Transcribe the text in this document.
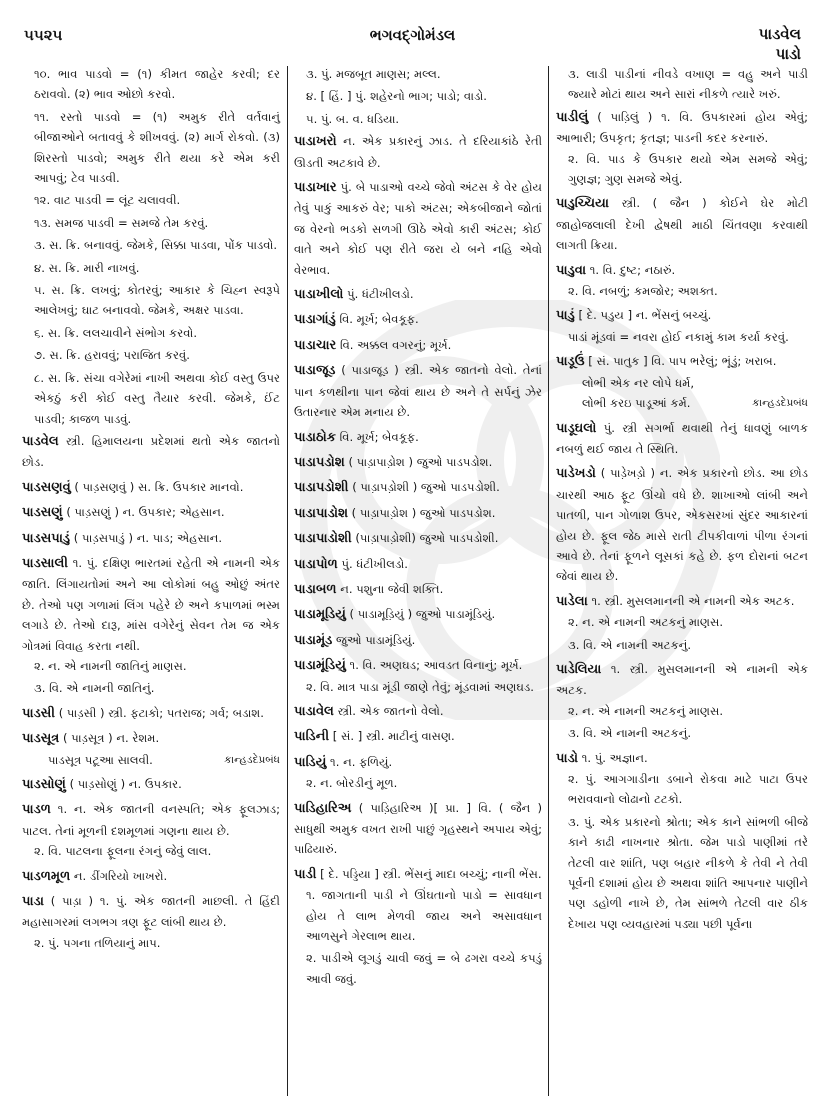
૫૫૨૫	ભગવદ્ગોમંડલ	પાડવેલ
પાડો
૧૦. ભાવ પાડવો = (૧) કીમત જાહેર કરવી; દર ઠરાવવો. (૨) ભાવ ઓછો કરવો.
૧૧. રસ્તો પાડવો = (૧) અમુક રીતે વર્તવાનું બીજાઓને બતાવવું કે શીખવવું. (૨) માર્ગ રોકવો. (૩) શિરસ્તો પાડવો; અમુક રીતે થયા કરે એમ કરી આપવું; ટેવ પાડવી.
૧૨. વાટ પાડવી = લૂંટ ચલાવવી.
૧૩. સમજ પાડવી = સમજે તેમ કરવું.
૩. સ. ક્રિ. બનાવવું. જેમકે, સિક્કા પાડવા, પોંક પાડવો.
૪. સ. ક્રિ. મારી નાખવું.
૫. સ. ક્રિ. લખવું; કોતરવું; આકાર કે ચિહ્ન સ્વરૂપે આલેખવું; ઘાટ બનાવવો. જેમકે, અક્ષર પાડવા.
૬. સ. ક્રિ. લલચાવીને સંભોગ કરવો.
૭. સ. ક્રિ. હરાવવું; પરાજિત કરવું.
૮. સ. ક્રિ. સંચા વગેરેમાં નાખી અથવા કોઈ વસ્તુ ઉપર એકઠું કરી કોઈ વસ્તુ તૈયાર કરવી. જેમકે, ઈંટ પાડવી; કાજળ પાડવું.
પાડવેલ સ્ત્રી. હિમાલયના પ્રદેશમાં થતો એક જાતનો છોડ.
પાડસણવું ( પાડ઼સણવું ) સ. ક્રિ. ઉપકાર માનવો.
પાડસણું ( પાડ઼સણું ) ન. ઉપકાર; એહસાન.
પાડસપાડું ( પાડ઼સપાડું ) ન. પાડ; એહસાન.
પાડસાલી ૧. પું. દક્ષિણ ભારતમાં રહેતી એ નામની એક જાતિ. લિંગાયતોમાં અને આ લોકોમાં બહુ ઓછું અંતર છે. તેઓ પણ ગળામાં લિંગ પહેરે છે અને કપાળમાં ભસ્મ લગાડે છે. તેઓ દારૂ, માંસ વગેરેનું સેવન તેમ જ એક ગોત્રમાં વિવાહ કરતા નથી.
૨. ન. એ નામની જાતિનું માણસ.
૩. વિ. એ નામની જાતિનું.
પાડસી ( પાડ઼સી ) સ્ત્રી. ફટાકો; પતરાજ; ગર્વ; બડાશ.
પાડસૂત્ર ( પાડ઼સૂત્ર ) ન. રેશમ.
પાડસૂત્ર પટૂઆ સાલવી.	કાન્હડદેપ્રબંધ
પાડસોણું ( પાડ઼સોણું ) ન. ઉપકાર.
પાડળ ૧. ન. એક જાતની વનસ્પતિ; એક ફૂલઝાડ; પાટલ. તેનાં મૂળની દશમૂળમાં ગણના થાય છે.
૨. વિ. પાટલના ફૂલના રંગનું જેવું લાલ.
પાડળમૂળ ન. ડીંગરિયો ખાખરો.
પાડા ( પાડ઼ા ) ૧. પું. એક જાતની માછલી. તે હિંદી મહાસાગરમાં લગભગ ત્રણ ફૂટ લાંબી થાય છે.
૨. પું. પગના તળિયાનું માપ.
૩. પું. મજબૂત માણસ; મલ્લ.
૪. [ હિં. ] પું. શહેરનો ભાગ; પાડો; વાડો.
૫. પું. બ. વ. ધડિયા.
પાડાખરો ન. એક પ્રકારનું ઝાડ. તે દરિયાકાંઠે રેતી ઊડતી અટકાવે છે.
પાડાખાર પું. બે પાડાઓ વચ્ચે જેવો અંટસ કે વેર હોય તેવું પાકું આકરું વેર; પાકો અંટસ; એકબીજાને જોતાં જ વેરનો ભડકો સળગી ઊઠે એવો કારી અંટસ; કોઈ વાતે અને કોઈ પણ રીતે જરા યે બને નહિ એવો વેરભાવ.
પાડાખીલો પું. ધંટીખીલડો.
પાડાગાંડું વિ. મૂર્ખ; બેવકૂફ.
પાડાચાર વિ. અક્કલ વગરનું; મૂર્ખ.
પાડાજૂડ ( પાડાજૂડ઼ ) સ્ત્રી. એક જાતનો વેલો. તેનાં પાન કળથીના પાન જેવાં થાય છે અને તે સર્પનું ઝેર ઉતારનાર એમ મનાય છે.
પાડાઠોક વિ. મૂર્ખ; બેવકૂફ.
પાડાપડોશ ( પાડ઼ાપાડ઼ોશ ) જુઓ પાડપડોશ.
પાડાપડોશી ( પાડ઼ાપડ઼ોશી ) જુઓ પાડપડોશી.
પાડાપાડોશ ( પાડ઼ાપાડ઼ોશ ) જુઓ પાડપડોશ.
પાડાપાડોશી (પાડ઼ાપાડ઼ોશી) જુઓ પાડપડોશી.
પાડાપોળ પું. ધંટીખીલડો.
પાડાબળ ન. પશુના જેવી શક્તિ.
પાડામૂડિયું ( પાડામૂડ઼િયું ) જુઓ પાડામૂંડિયું.
પાડામૂંડ જુઓ પાડામૂંડિયું.
પાડામૂંડિયું ૧. વિ. અણઘડ; આવડત વિનાનું; મૂર્ખ.
૨. વિ. માત્ર પાડા મૂંડી જાણે તેવું; મૂંડવામાં અણઘડ.
પાડાવેલ સ્ત્રી. એક જાતનો વેલો.
પાડિની [ સં. ] સ્ત્રી. માટીનું વાસણ.
પાડિયું ૧. ન. ફળિયું.
૨. ન. બોરડીનું મૂળ.
પાડિહારિઅ ( પાડ઼િહારિઅ )[ પ્રા. ] વિ. ( જૈન ) સાધુથી અમુક વખત રાખી પાછું ગૃહસ્થને અપાય એવું; પાઢિયારું.
પાડી [ દે. પડ્ડિયા ] સ્ત્રી. ભેંસનું માદા બચ્ચું; નાની ભેંસ.
૧. જાગતાની પાડી ને ઊંઘતાનો પાડો = સાવધાન હોય તે લાભ મેળવી જાય અને અસાવધાન આળસુને ગેરલાભ થાય.
૨. પાડીએ લૂગડું ચાવી જવું = બે ઢગરા વચ્ચે કપડું આવી જવું.
૩. લાડી પાડીનાં નીવડે વખાણ = વહુ અને પાડી જ્યારે મોટાં થાય અને સારાં નીકળે ત્યારે ખરું.
પાડીલું ( પાડ઼િલું ) ૧. વિ. ઉપકારમાં હોય એવું; આભારી; ઉપકૃત; કૃતજ્ઞ; પાડની કદર કરનારું.
૨. વિ. પાડ કે ઉપકાર થયો એમ સમજે એવું; ગુણજ્ઞ; ગુણ સમજે એવું.
પાડુચ્ચિયા સ્ત્રી. ( જૈન ) કોઈને ઘેર મોટી જાહોજલાલી દેખી દ્વેષથી માઠી ચિંતવણા કરવાથી લાગતી ક્રિયા.
પાડુવા ૧. વિ. દુષ્ટ; નઠારું.
૨. વિ. નબળું; કમજોર; અશક્ત.
પાડું [ દે. પડુય ] ન. ભેંસનું બચ્ચું.
પાડાં મૂંડવાં = નવરા હોઈ નકામું કામ કર્યા કરવું.
પાડૂઉં [ સં. પાતુક ] વિ. પાપ ભરેલું; ભૂંડું; ખરાબ.
લોભી એક નર લોપે ધર્મ,
લોભી કરઇ પાડૂઆં કર્મ.	કાન્હડદેપ્રબંધ
પાડૂઘલો પું. સ્ત્રી સગર્ભા થવાથી તેનું ધાવણું બાળક નબળું થઈ જાય તે સ્થિતિ.
પાડેખડો ( પાડ઼ેખડ઼ો ) ન. એક પ્રકારનો છોડ. આ છોડ ચારથી આઠ ફૂટ ઊંચો વધે છે. શાખાઓ લાંબી અને પાતળી, પાન ગોળાશ ઉપર, એકસરખાં સુંદર આકારનાં હોય છે. ફૂલ જેઠ માસે રાતી ટીપકીવાળાં પીળા રંગનાં આવે છે. તેનાં ફૂળને લૂસકાં કહે છે. ફળ દોરાનાં બટન જેવાં થાય છે.
પાડેલા ૧. સ્ત્રી. મુસલમાનની એ નામની એક અટક.
૨. ન. એ નામની અટકનું માણસ.
૩. વિ. એ નામની અટકનું.
પાડેલિયા ૧. સ્ત્રી. મુસલમાનની એ નામની એક અટક.
૨. ન. એ નામની અટકનું માણસ.
૩. વિ. એ નામની અટકનું.
પાડો ૧. પું. અજ્ઞાન.
૨. પું. આગગાડીના ડબાને રોકવા માટે પાટા ઉપર ભરાવવાનો લોઢાનો ટટકો.
૩. પું. એક પ્રકારનો શ્રોતા; એક કાને સાંભળી બીજે કાને કાઢી નાખનાર શ્રોતા. જેમ પાડો પાણીમાં તરે તેટલી વાર શાંતિ, પણ બહાર નીકળે કે તેવી ને તેવી પૂર્વની દશામાં હોય છે અથવા શાંતિ આપનાર પાણીને પણ ડહોળી નાખે છે, તેમ સાંભળે તેટલી વાર ઠીક દેખાય પણ વ્યવહારમાં પડ્યા પછી પૂર્વના
